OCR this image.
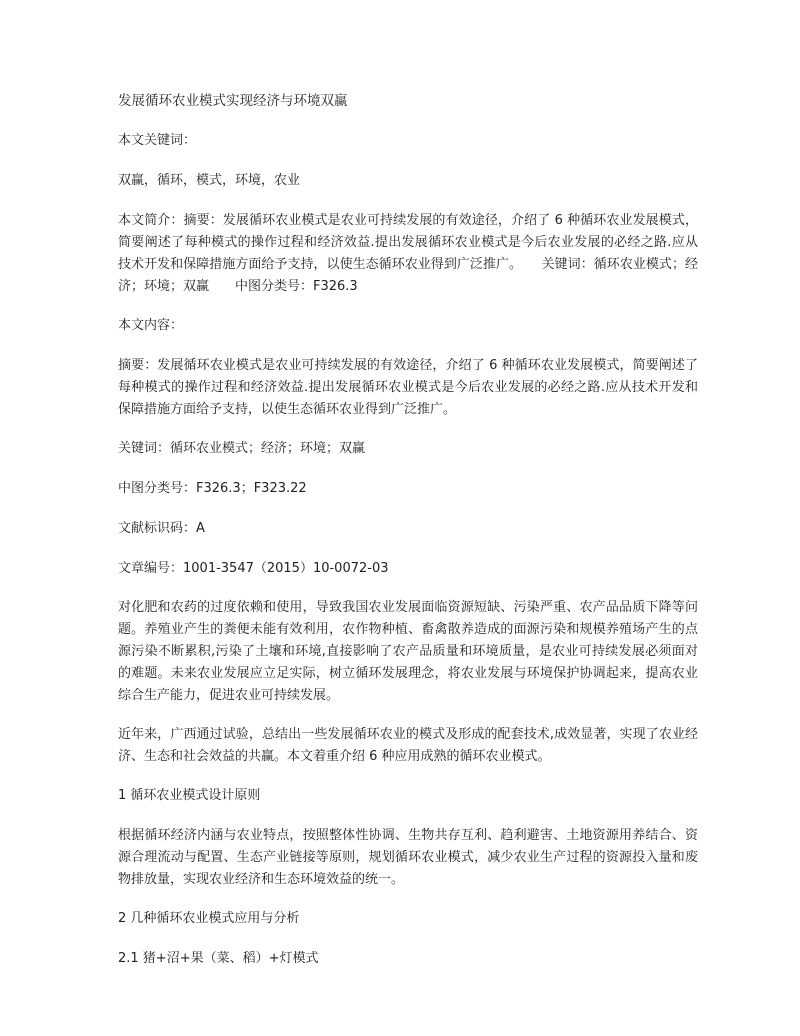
发展循环农业模式实现经济与环境双赢

本文关键词：

双赢，循环，模式，环境，农业

本文简介：摘要：发展循环农业模式是农业可持续发展的有效途径，介绍了 6 种循环农业发展模式，简要阐述了每种模式的操作过程和经济效益.提出发展循环农业模式是今后农业发展的必经之路.应从技术开发和保障措施方面给予支持，以使生态循环农业得到广泛推广。　　关键词：循环农业模式；经济；环境；双赢　　中图分类号：F326.3

本文内容：

摘要：发展循环农业模式是农业可持续发展的有效途径，介绍了 6 种循环农业发展模式，简要阐述了每种模式的操作过程和经济效益.提出发展循环农业模式是今后农业发展的必经之路.应从技术开发和保障措施方面给予支持，以使生态循环农业得到广泛推广。

关键词：循环农业模式；经济；环境；双赢

中图分类号：F326.3；F323.22

文献标识码：A

文章编号：1001-3547（2015）10-0072-03

对化肥和农药的过度依赖和使用，导致我国农业发展面临资源短缺、污染严重、农产品品质下降等问题。养殖业产生的粪便未能有效利用，农作物种植、畜禽散养造成的面源污染和规模养殖场产生的点源污染不断累积,污染了土壤和环境,直接影响了农产品质量和环境质量，是农业可持续发展必须面对的难题。未来农业发展应立足实际，树立循环发展理念，将农业发展与环境保护协调起来，提高农业综合生产能力，促进农业可持续发展。

近年来，广西通过试验，总结出一些发展循环农业的模式及形成的配套技术,成效显著，实现了农业经济、生态和社会效益的共赢。本文着重介绍 6 种应用成熟的循环农业模式。

1 循环农业模式设计原则

根据循环经济内涵与农业特点，按照整体性协调、生物共存互利、趋利避害、土地资源用养结合、资源合理流动与配置、生态产业链接等原则，规划循环农业模式，减少农业生产过程的资源投入量和废物排放量，实现农业经济和生态环境效益的统一。

2 几种循环农业模式应用与分析

2.1 猪+沼+果（菜、稻）+灯模式
